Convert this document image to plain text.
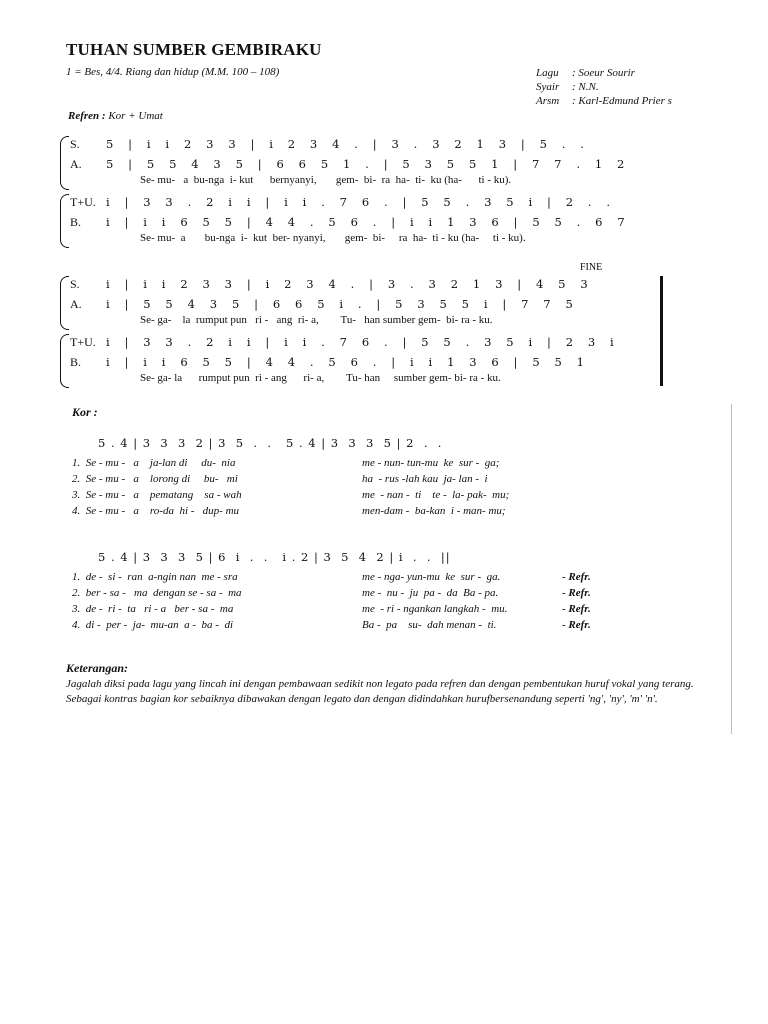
TUHAN SUMBER GEMBIRAKU
1 = Bes, 4/4. Riang dan hidup (M.M. 100 – 108)	Lagu	: Soeur Sourir
Syair	: N.N.
Arsm	: Karl-Edmund Prier s
Refren : Kor + Umat
S.	5 | i i 2 3 3 | i 2 3 4 . | 3 . 3 2 1 3 | 5 . .
A.	5 | 5 5 4 3 5 | 6 6 5 1 . | 5 3 5 5 1 | 7 7 . 1 2
Se- mu-   a  bu-nga  i- kut      bernyanyi,       gem-  bi-  ra  ha-  ti-  ku (ha-      ti - ku).
T+U. i | 3 3 . 2 i i | i i . 7 6 . | 5 5 . 3 5 i | 2 . .
B.	i | i i 6 5 5 | 4 4 . 5 6 . | i i 1 3 6 | 5 5 . 6 7
Se- mu-  a       bu-nga  i-  kut  ber- nyanyi,       gem-  bi-     ra  ha-  ti - ku (ha-     ti - ku).
FINE
S.	i | i i 2 3 3 | i 2 3 4 . | 3 . 3 2 1 3 | 4 5 3
A.	i | 5 5 4 3 5 | 6 6 5 i . | 5 3 5 5 i | 7 7 5
Se- ga-    la  rumput pun   ri -   ang  ri- a,        Tu-   han sumber gem-  bi- ra - ku.
T+U. i | 3 3 . 2 i i | i i . 7 6 . | 5 5 . 3 5 i | 2 3 i
B.	i | i i 6 5 5 | 4 4 . 5 6 . | i i 1 3 6 | 5 5 1
Se- ga- la      rumput pun  ri - ang      ri- a,        Tu- han     sumber gem- bi- ra - ku.
Kor :
5 . 4 | 3  3  3  2 | 3  5  .  .   5 . 4 | 3  3  3  5 | 2  .  .
1.  Se - mu -   a    ja-lan di     du-  nia	me - nun- tun-mu  ke  sur -  ga;
2.  Se - mu -   a    lorong di     bu-   mi	ha  - rus -lah kau  ja- lan -  i
3.  Se - mu -   a    pematang    sa - wah	me  - nan -  ti    te -  la- pak-  mu;
4.  Se - mu -   a    ro-da  hi -   dup- mu	men-dam -  ba-kan  i - man- mu;
5 . 4 | 3  3  3  5 | 6  i  .  .   i . 2 | 3  5  4  2 | i  .  .  ||
1.  de -  si -  ran  a-ngin nan  me - sra	me - nga- yun-mu  ke  sur -  ga.	- Refr.
2.  ber - sa -   ma  dengan se - sa -  ma	me -  nu -  ju  pa -  da  Ba - pa.	- Refr.
3.  de -  ri -  ta   ri - a   ber - sa -  ma	me  - ri - ngankan langkah -  mu.	- Refr.
4.  di -  per -  ja-  mu-an  a -  ba -  di	Ba -  pa    su-  dah menan -  ti.	- Refr.
Keterangan:
Jagalah diksi pada lagu yang lincah ini dengan pembawaan sedikit non legato pada refren dan dengan pembentukan huruf vokal yang terang. Sebagai kontras bagian kor sebaiknya dibawakan dengan legato dan dengan didindahkan hurufbersenandung seperti 'ng', 'ny', 'm' 'n'.
